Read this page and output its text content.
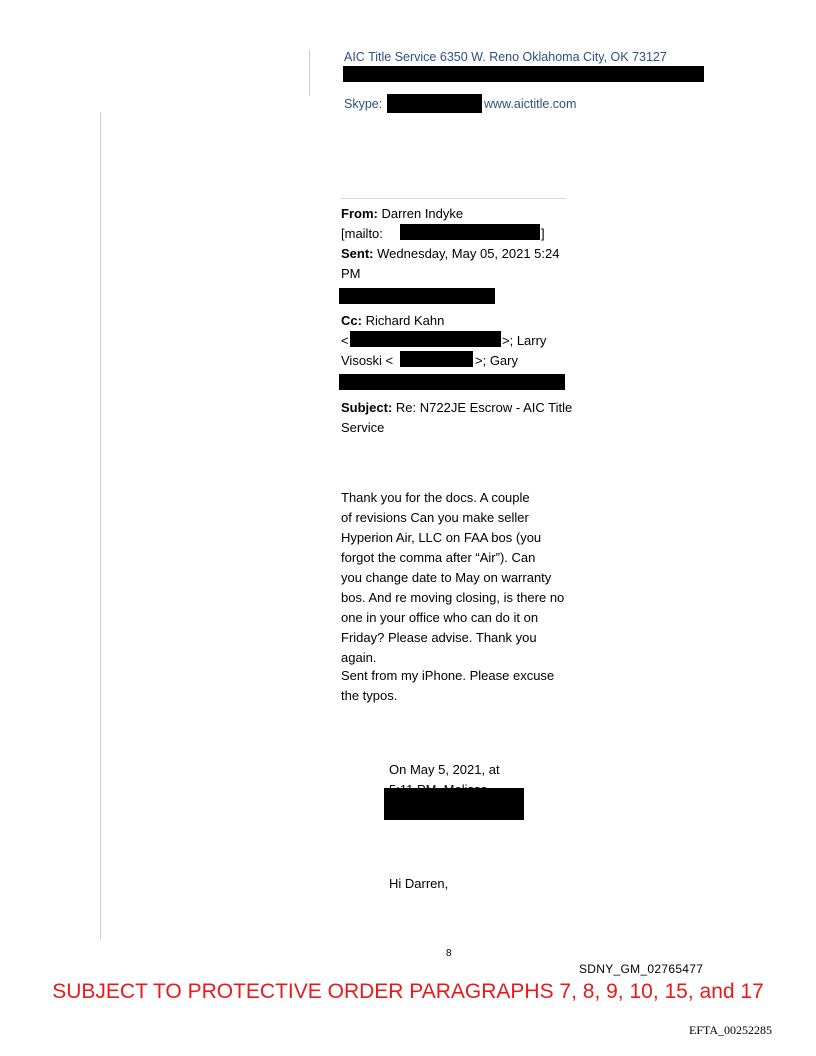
AIC Title Service 6350 W. Reno Oklahoma City, OK 73127
Skype:	www.aictitle.com
From: Darren Indyke
[mailto:	]
Sent: Wednesday, May 05, 2021 5:24
PM
Cc: Richard Kahn
<	>; Larry
Visoski <	>; Gary
Subject: Re: N722JE Escrow - AIC Title
Service
Thank you for the docs. A couple
of revisions Can you make seller
Hyperion Air, LLC on FAA bos (you
forgot the comma after “Air”). Can
you change date to May on warranty
bos. And re moving closing, is there no
one in your office who can do it on
Friday? Please advise. Thank you
again.
Sent from my iPhone. Please excuse
the typos.
On May 5, 2021, at
Hi Darren,
8
SDNY_GM_02765477
SUBJECT TO PROTECTIVE ORDER PARAGRAPHS 7, 8, 9, 10, 15, and 17
EFTA_00252285
